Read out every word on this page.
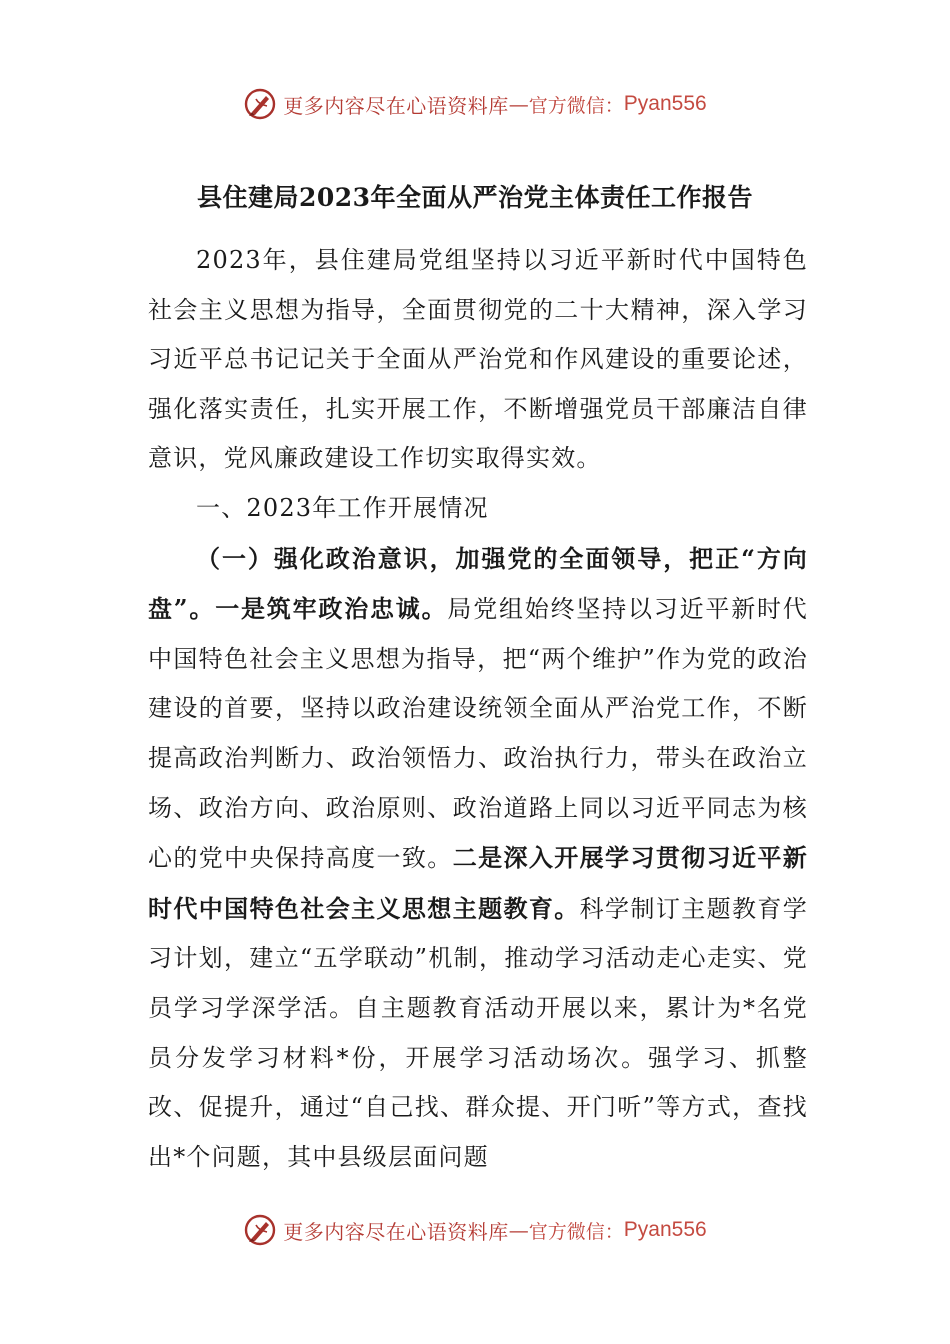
更多内容尽在心语资料库 — 官方微信： Pyan556
县住建局2023年全面从严治党主体责任工作报告

2023年，县住建局党组坚持以习近平新时代中国特色社会主义思想为指导，全面贯彻党的二十大精神，深入学习习近平总书记记关于全面从严治党和作风建设的重要论述，强化落实责任，扎实开展工作，不断增强党员干部廉洁自律意识，党风廉政建设工作切实取得实效。

一、2023年工作开展情况

（一）强化政治意识，加强党的全面领导，把正“方向盘”。一是筑牢政治忠诚。局党组始终坚持以习近平新时代中国特色社会主义思想为指导，把“两个维护”作为党的政治建设的首要，坚持以政治建设统领全面从严治党工作，不断提高政治判断力、政治领悟力、政治执行力，带头在政治立场、政治方向、政治原则、政治道路上同以习近平同志为核心的党中央保持高度一致。二是深入开展学习贯彻习近平新时代中国特色社会主义思想主题教育。科学制订主题教育学习计划，建立“五学联动”机制，推动学习活动走心走实、党员学习学深学活。自主题教育活动开展以来，累计为*名党员分发学习材料*份，开展学习活动场次。强学习、抓整改、促提升，通过“自己找、群众提、开门听”等方式，查找出*个问题，其中县级层面问题

更多内容尽在心语资料库 — 官方微信： Pyan556
